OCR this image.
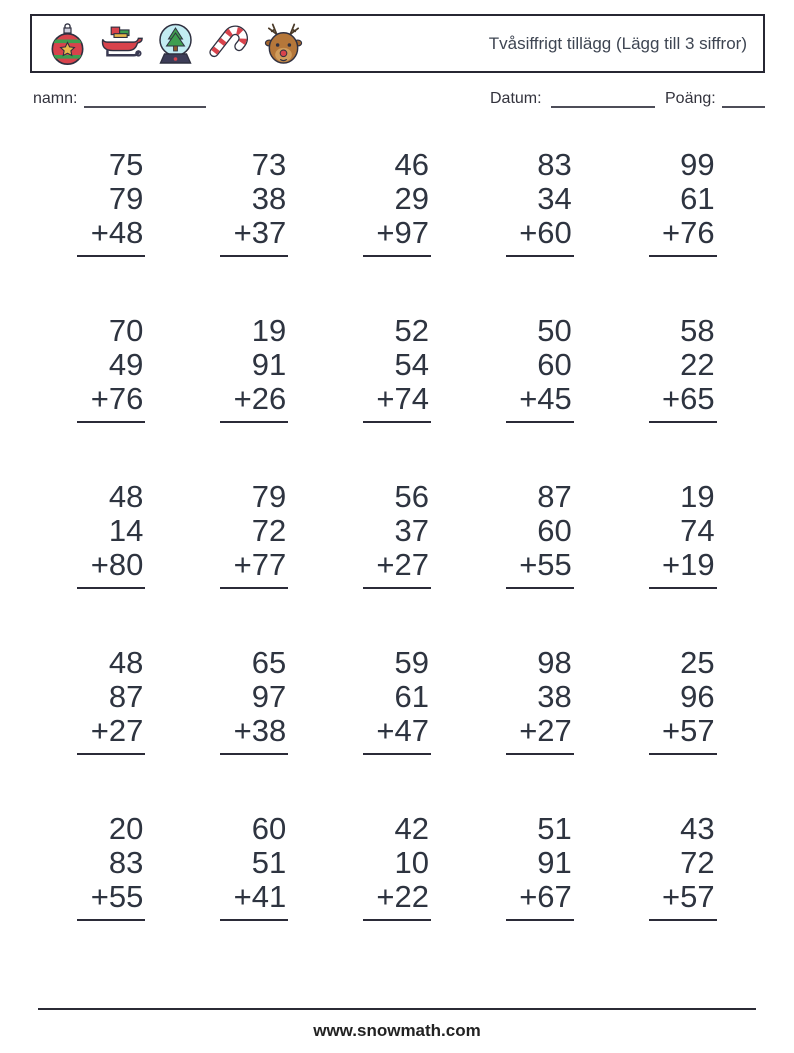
Tvåsiffrigt tillägg (Lägg till 3 siffror)
namn:	Datum:	Poäng:
75
79
+48
73
38
+37
46
29
+97
83
34
+60
99
61
+76
70
49
+76
19
91
+26
52
54
+74
50
60
+45
58
22
+65
48
14
+80
79
72
+77
56
37
+27
87
60
+55
19
74
+19
48
87
+27
65
97
+38
59
61
+47
98
38
+27
25
96
+57
20
83
+55
60
51
+41
42
10
+22
51
91
+67
43
72
+57
www.snowmath.com
